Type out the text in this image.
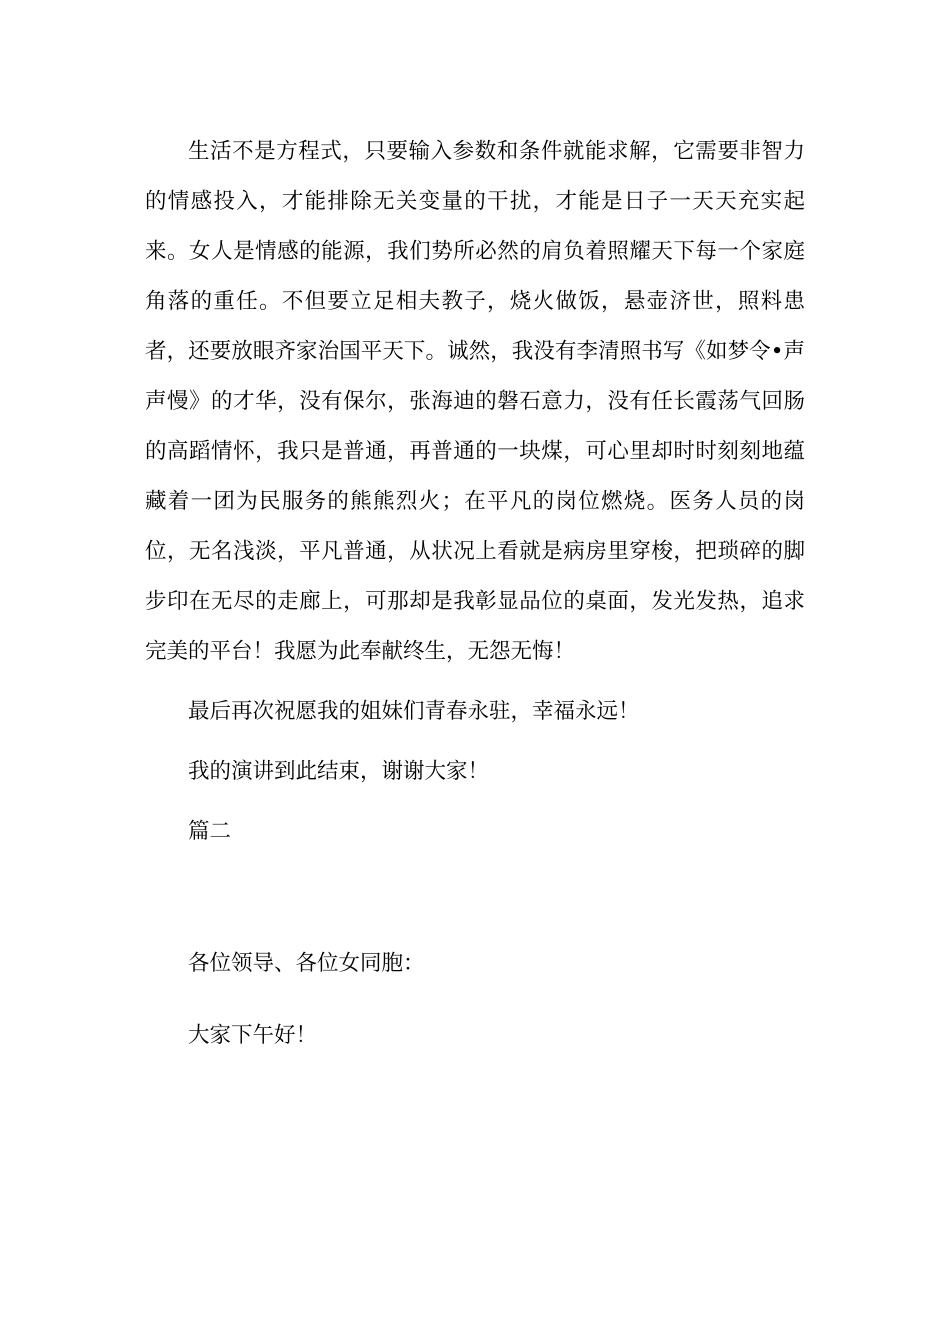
生活不是方程式，只要输入参数和条件就能求解，它需要非智力的情感投入，才能排除无关变量的干扰，才能是日子一天天充实起来。女人是情感的能源，我们势所必然的肩负着照耀天下每一个家庭角落的重任。不但要立足相夫教子，烧火做饭，悬壶济世，照料患者，还要放眼齐家治国平天下。诚然，我没有李清照书写《如梦令•声声慢》的才华，没有保尔，张海迪的磐石意力，没有任长霞荡气回肠的高蹈情怀，我只是普通，再普通的一块煤，可心里却时时刻刻地蕴藏着一团为民服务的熊熊烈火；在平凡的岗位燃烧。医务人员的岗位，无名浅淡，平凡普通，从状况上看就是病房里穿梭，把琐碎的脚步印在无尽的走廊上，可那却是我彰显品位的桌面，发光发热，追求完美的平台！我愿为此奉献终生，无怨无悔！

最后再次祝愿我的姐妹们青春永驻，幸福永远！

我的演讲到此结束，谢谢大家！

篇二

各位领导、各位女同胞：

大家下午好！
